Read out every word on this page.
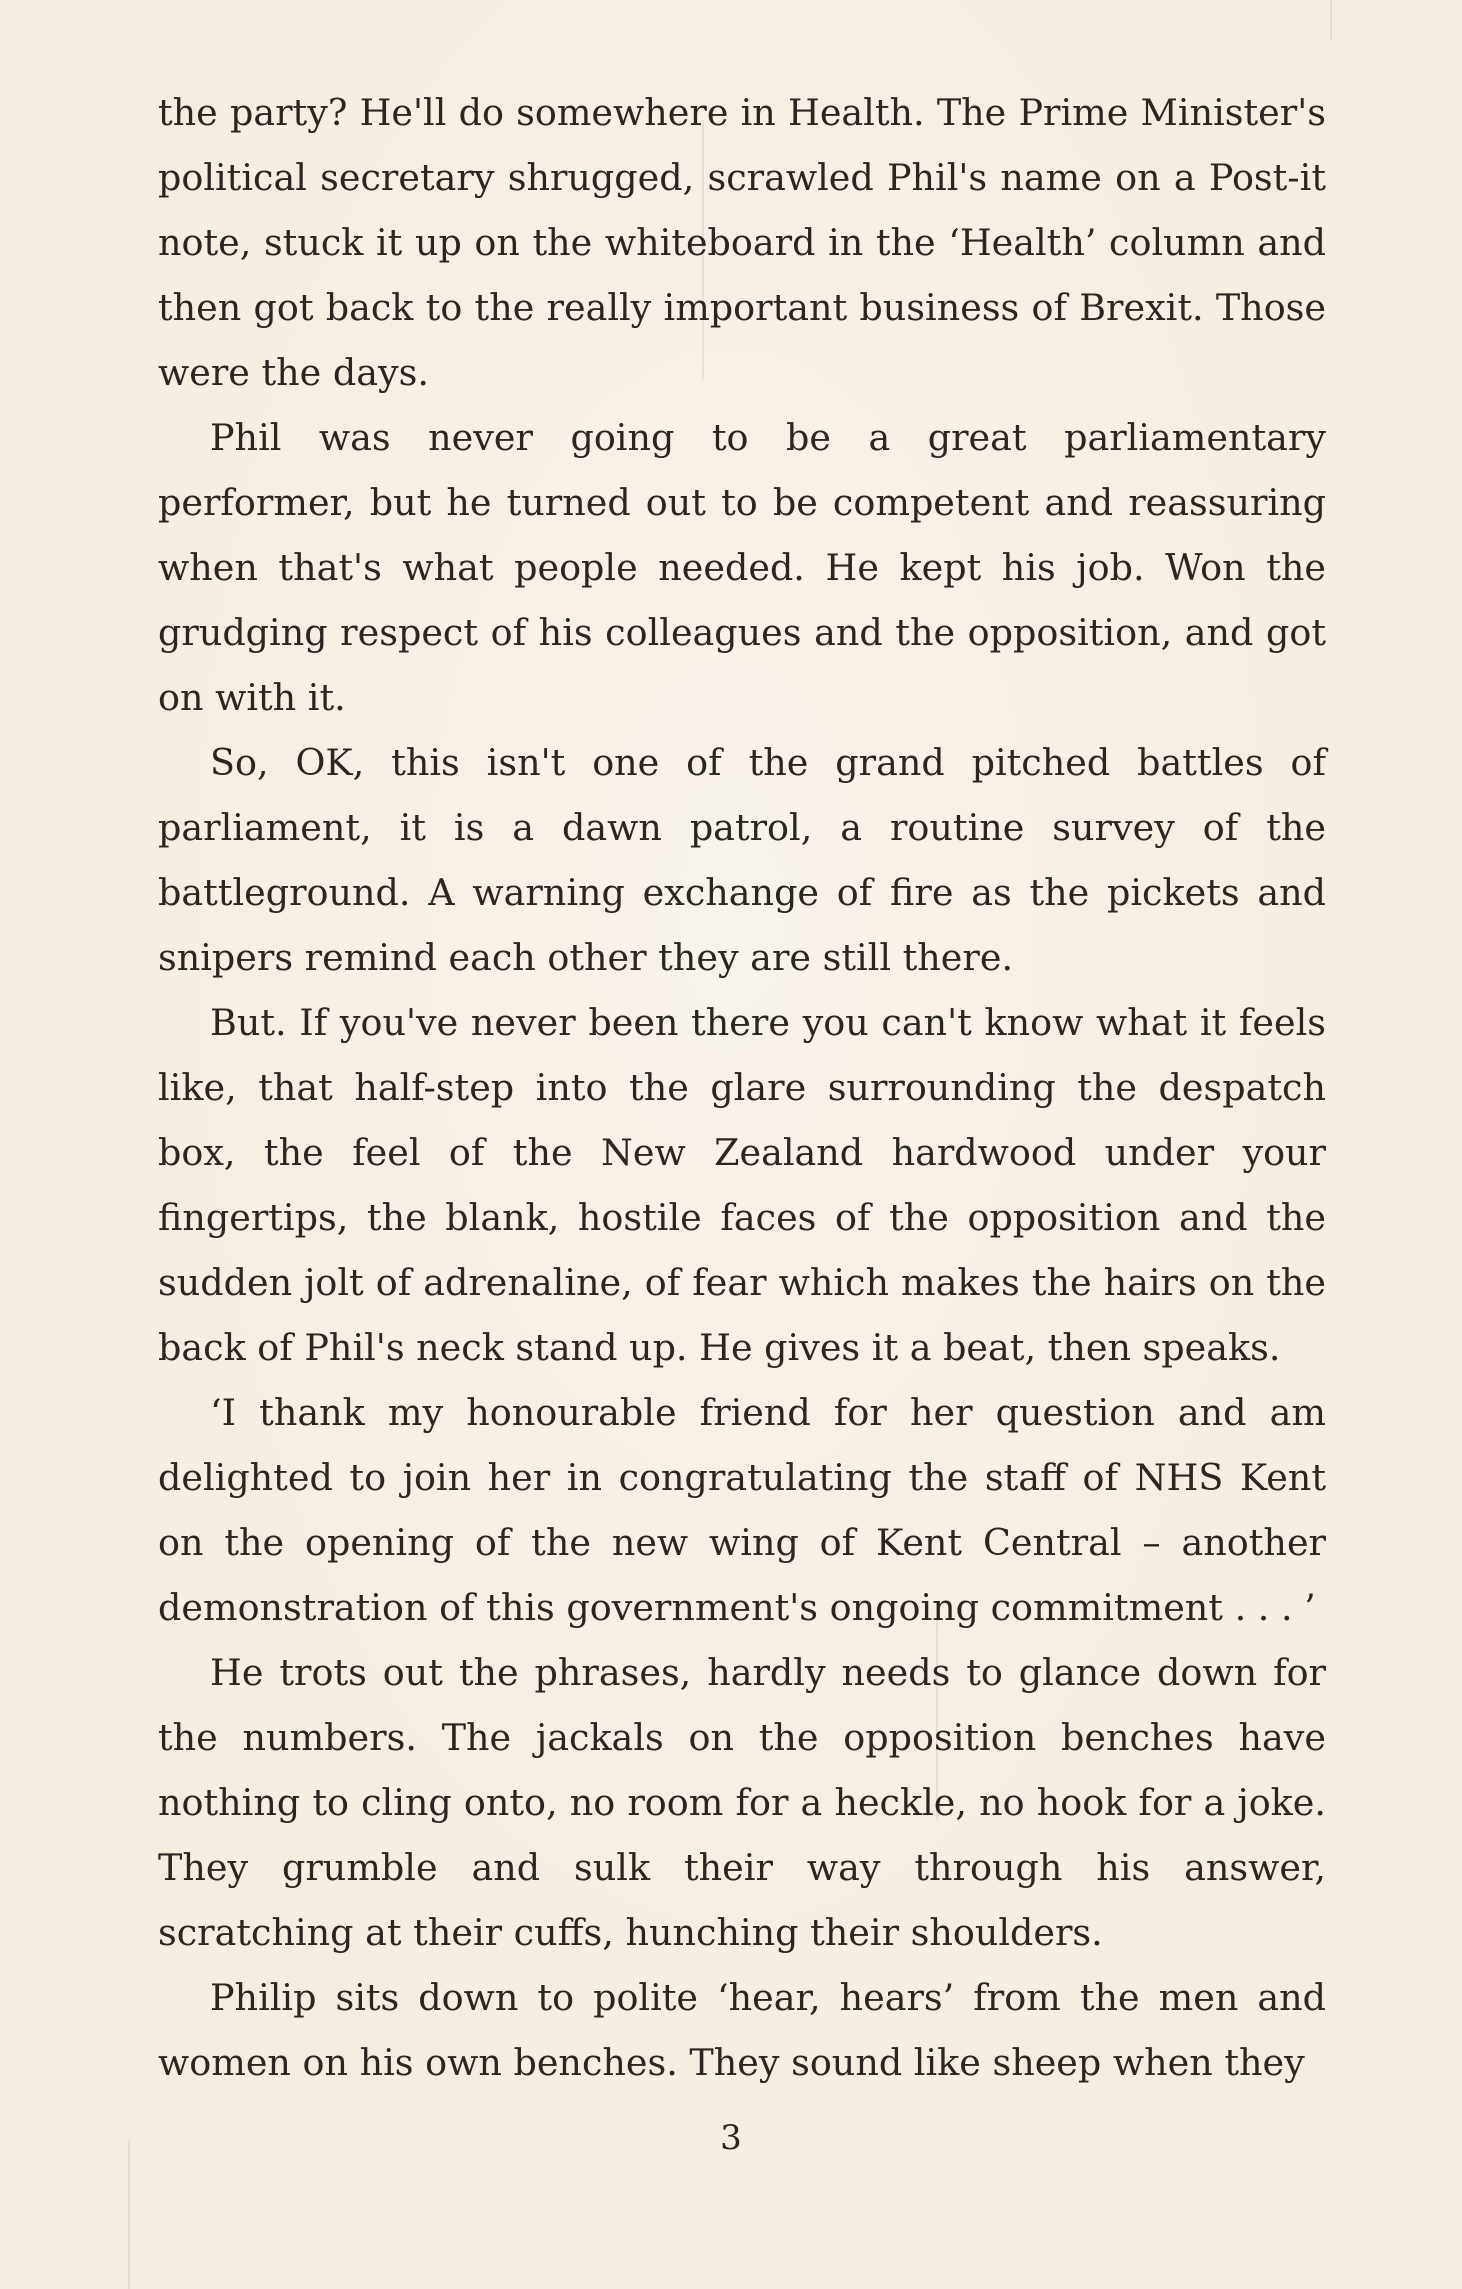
the party? He'll do somewhere in Health. The Prime Minister's political secretary shrugged, scrawled Phil's name on a Post-it note, stuck it up on the whiteboard in the ‘Health’ column and then got back to the really important business of Brexit. Those were the days.

Phil was never going to be a great parliamentary performer, but he turned out to be competent and reassuring when that's what people needed. He kept his job. Won the grudging respect of his colleagues and the opposition, and got on with it.

So, OK, this isn't one of the grand pitched battles of parliament, it is a dawn patrol, a routine survey of the battleground. A warning exchange of fire as the pickets and snipers remind each other they are still there.

But. If you've never been there you can't know what it feels like, that half-step into the glare surrounding the despatch box, the feel of the New Zealand hardwood under your fingertips, the blank, hostile faces of the opposition and the sudden jolt of adrenaline, of fear which makes the hairs on the back of Phil's neck stand up. He gives it a beat, then speaks.

‘I thank my honourable friend for her question and am delighted to join her in congratulating the staff of NHS Kent on the opening of the new wing of Kent Central – another demonstration of this government's ongoing commitment . . . ’

He trots out the phrases, hardly needs to glance down for the numbers. The jackals on the opposition benches have nothing to cling onto, no room for a heckle, no hook for a joke. They grumble and sulk their way through his answer, scratching at their cuffs, hunching their shoulders.

Philip sits down to polite ‘hear, hears’ from the men and women on his own benches. They sound like sheep when they

3
